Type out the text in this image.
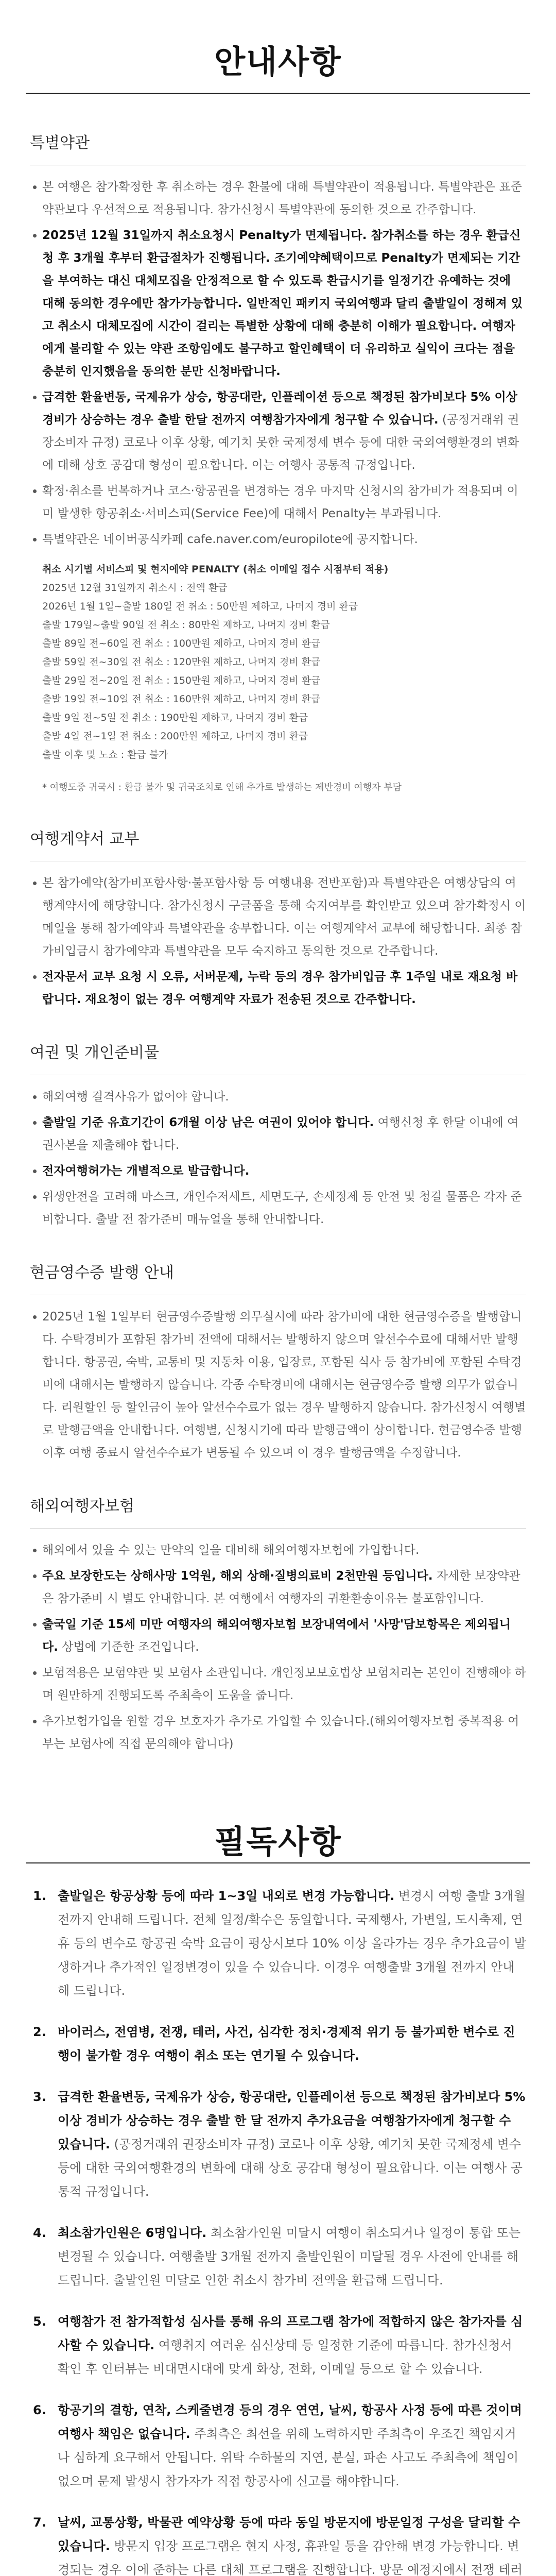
안내사항
특별약관
본 여행은 참가확정한 후 취소하는 경우 환불에 대해 특별약관이 적용됩니다. 특별약관은 표준약관보다 우선적으로 적용됩니다. 참가신청시 특별약관에 동의한 것으로 간주합니다.
2025년 12월 31일까지 취소요청시 Penalty가 면제됩니다. 참가취소를 하는 경우 환급신청 후 3개월 후부터 환급절차가 진행됩니다. 조기예약혜택이므로 Penalty가 면제되는 기간을 부여하는 대신 대체모집을 안정적으로 할 수 있도록 환급시기를 일정기간 유예하는 것에 대해 동의한 경우에만 참가가능합니다. 일반적인 패키지 국외여행과 달리 출발일이 정해져 있고 취소시 대체모집에 시간이 걸리는 특별한 상황에 대해 충분히 이해가 필요합니다. 여행자에게 불리할 수 있는 약관 조항임에도 불구하고 할인혜택이 더 유리하고 실익이 크다는 점을 충분히 인지했음을 동의한 분만 신청바랍니다.
급격한 환율변동, 국제유가 상승, 항공대란, 인플레이션 등으로 책정된 참가비보다 5% 이상 경비가 상승하는 경우 출발 한달 전까지 여행참가자에게 청구할 수 있습니다. (공정거래위 권장소비자 규정) 코로나 이후 상황, 예기치 못한 국제정세 변수 등에 대한 국외여행환경의 변화에 대해 상호 공감대 형성이 필요합니다. 이는 여행사 공통적 규정입니다.
확정·취소를 번복하거나 코스·항공권을 변경하는 경우 마지막 신청시의 참가비가 적용되며 이미 발생한 항공취소·서비스피(Service Fee)에 대해서 Penalty는 부과됩니다.
특별약관은 네이버공식카페 cafe.naver.com/europilote에 공지합니다.
취소 시기별 서비스피 및 현지에약 PENALTY (취소 이메일 접수 시점부터 적용)
2025년 12월 31일까지 취소시 : 전액 환급
2026년 1월 1일~출발 180일 전 취소 : 50만원 제하고, 나머지 경비 환급
출발 179일~출발 90일 전 취소 : 80만원 제하고, 나머지 경비 환급
출발 89일 전~60일 전 취소 : 100만원 제하고, 나머지 경비 환급
출발 59일 전~30일 전 취소 : 120만원 제하고, 나머지 경비 환급
출발 29일 전~20일 전 취소 : 150만원 제하고, 나머지 경비 환급
출발 19일 전~10일 전 취소 : 160만원 제하고, 나머지 경비 환급
출발 9일 전~5일 전 취소 : 190만원 제하고, 나머지 경비 환급
출발 4일 전~1일 전 취소 : 200만원 제하고, 나머지 경비 환급
출발 이후 및 노쇼 : 환급 불가
* 여행도중 귀국시 : 환급 불가 및 귀국조치로 인해 추가로 발생하는 제반경비 여행자 부담
여행계약서 교부
본 참가예약(참가비포함사항·불포함사항 등 여행내용 전반포함)과 특별약관은 여행상담의 여행계약서에 해당합니다. 참가신청시 구글폼을 통해 숙지여부를 확인받고 있으며 참가확정시 이메일을 통해 참가예약과 특별약관을 송부합니다. 이는 여행계약서 교부에 해당합니다. 최종 참가비입금시 참가예약과 특별약관을 모두 숙지하고 동의한 것으로 간주합니다.
전자문서 교부 요청 시 오류, 서버문제, 누락 등의 경우 참가비입금 후 1주일 내로 재요청 바랍니다. 재요청이 없는 경우 여행계약 자료가 전송된 것으로 간주합니다.
여권 및 개인준비물
해외여행 결격사유가 없어야 합니다.
출발일 기준 유효기간이 6개월 이상 남은 여권이 있어야 합니다. 여행신청 후 한달 이내에 여권사본을 제출해야 합니다.
전자여행허가는 개별적으로 발급합니다.
위생안전을 고려해 마스크, 개인수저세트, 세면도구, 손세정제 등 안전 및 청결 물품은 각자 준비합니다. 출발 전 참가준비 매뉴얼을 통해 안내합니다.
현금영수증 발행 안내
2025년 1월 1일부터 현금영수증발행 의무실시에 따라 참가비에 대한 현금영수증을 발행합니다. 수탁경비가 포함된 참가비 전액에 대해서는 발행하지 않으며 알선수수료에 대해서만 발행합니다. 항공권, 숙박, 교통비 및 지동차 이용, 입장료, 포함된 식사 등 참가비에 포함된 수탁경비에 대해서는 발행하지 않습니다. 각종 수탁경비에 대해서는 현금영수증 발행 의무가 없습니다. 리원할인 등 할인금이 높아 알선수수료가 없는 경우 발행하지 않습니다. 참가신청시 여행별로 발행금액을 안내합니다. 여행별, 신청시기에 따라 발행금액이 상이합니다. 현금영수증 발행 이후 여행 종료시 알선수수료가 변동될 수 있으며 이 경우 발행금액을 수정합니다.
해외여행자보험
해외에서 있을 수 있는 만약의 일을 대비해 해외여행자보험에 가입합니다.
주요 보장한도는 상해사망 1억원, 해외 상해·질병의료비 2천만원 등입니다. 자세한 보장약관은 참가준비 시 별도 안내합니다. 본 여행에서 여행자의 귀환환송이유는 불포함입니다.
출국일 기준 15세 미만 여행자의 해외여행자보험 보장내역에서 '사망'담보항목은 제외됩니다. 상법에 기준한 조건입니다.
보험적용은 보험약관 및 보험사 소관입니다. 개인정보보호법상 보험처리는 본인이 진행해야 하며 원만하게 진행되도록 주최측이 도움을 줍니다.
추가보험가입을 원할 경우 보호자가 추가로 가입할 수 있습니다.(해외여행자보험 중복적용 여부는 보험사에 직접 문의해야 합니다)
필독사항
1. 출발일은 항공상황 등에 따라 1~3일 내외로 변경 가능합니다. 변경시 여행 출발 3개월 전까지 안내해 드립니다. 전체 일정/확수은 동일합니다. 국제행사, 가변일, 도시축제, 연휴 등의 변수로 항공권 숙박 요금이 평상시보다 10% 이상 올라가는 경우 추가요금이 발생하거나 추가적인 일정변경이 있을 수 있습니다. 이경우 여행출발 3개월 전까지 안내해 드립니다.
2. 바이러스, 전염병, 전쟁, 테러, 사건, 심각한 정치·경제적 위기 등 불가피한 변수로 진행이 불가할 경우 여행이 취소 또는 연기될 수 있습니다.
3. 급격한 환율변동, 국제유가 상승, 항공대란, 인플레이션 등으로 책정된 참가비보다 5% 이상 경비가 상승하는 경우 출발 한 달 전까지 추가요금을 여행참가자에게 청구할 수 있습니다. (공정거래위 권장소비자 규정) 코로나 이후 상황, 예기치 못한 국제정세 변수 등에 대한 국외여행환경의 변화에 대해 상호 공감대 형성이 필요합니다. 이는 여행사 공통적 규정입니다.
4. 최소참가인원은 6명입니다. 최소참가인원 미달시 여행이 취소되거나 일정이 통합 또는 변경될 수 있습니다. 여행출발 3개월 전까지 출발인원이 미달될 경우 사전에 안내를 해드립니다. 출발인원 미달로 인한 취소시 참가비 전액을 환급해 드립니다.
5. 여행참가 전 참가적합성 심사를 통해 유의 프로그램 참가에 적합하지 않은 참가자를 심사할 수 있습니다. 여행취지 여러운 심신상태 등 일정한 기준에 따릅니다. 참가신청서 확인 후 인터뷰는 비대면시대에 맞게 화상, 전화, 이메일 등으로 할 수 있습니다.
6. 항공기의 결항, 연착, 스케줄변경 등의 경우 연연, 날씨, 항공사 사정 등에 따른 것이며 여행사 책임은 없습니다. 주최측은 최선을 위해 노력하지만 주최측이 우조건 책임지거나 심하게 요구해서 안됩니다. 위탁 수하물의 지연, 분실, 파손 사고도 주최측에 책임이 없으며 문제 발생시 참가자가 직접 항공사에 신고를 해야합니다.
7. 날씨, 교통상황, 박물관 예약상황 등에 따라 동일 방문지에 방문일정 구성을 달리할 수 있습니다. 방문지 입장 프로그램은 현지 사정, 휴관일 등을 감안해 변경 가능합니다. 변경되는 경우 이에 준하는 다른 대체 프로그램을 진행합니다. 방문 예정지에서 전쟁 테러
